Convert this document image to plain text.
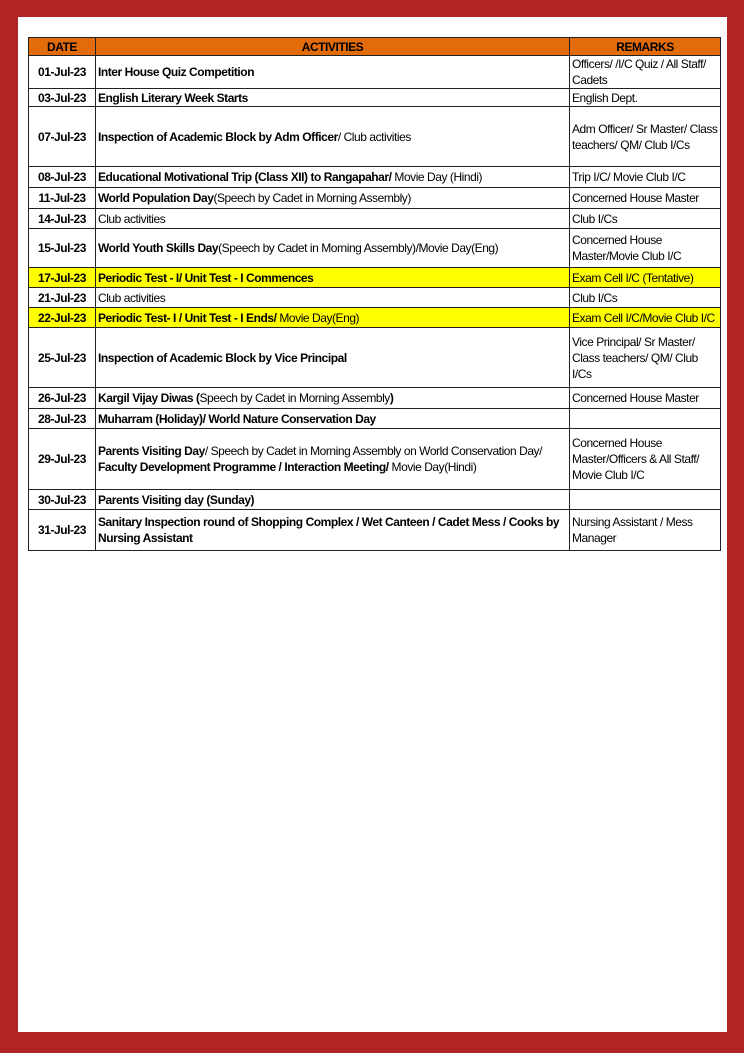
DATE	ACTIVITIES	REMARKS
01-Jul-23	Inter House Quiz Competition	Officers/ /I/C Quiz / All Staff/ Cadets
03-Jul-23	English Literary Week Starts	English Dept.
07-Jul-23	Inspection of Academic Block by Adm Officer/ Club activities	Adm Officer/ Sr Master/ Class teachers/ QM/ Club I/Cs
08-Jul-23	Educational Motivational Trip (Class XII) to Rangapahar/ Movie Day (Hindi)	Trip I/C/ Movie Club I/C
11-Jul-23	World Population Day(Speech by Cadet in Morning Assembly)	Concerned House Master
14-Jul-23	Club activities	Club I/Cs
15-Jul-23	World Youth Skills Day(Speech by Cadet in Morning Assembly)/Movie Day(Eng)	Concerned House Master/Movie Club I/C
17-Jul-23	Periodic Test - I/ Unit Test - I Commences	Exam Cell I/C (Tentative)
21-Jul-23	Club activities	Club I/Cs
22-Jul-23	Periodic Test- I / Unit Test - I Ends/ Movie Day(Eng)	Exam Cell I/C/Movie Club I/C
25-Jul-23	Inspection of Academic Block by Vice Principal	Vice Principal/ Sr Master/ Class teachers/ QM/ Club I/Cs
26-Jul-23	Kargil Vijay Diwas (Speech by Cadet in Morning Assembly)	Concerned House Master
28-Jul-23	Muharram (Holiday)/ World Nature Conservation Day	
29-Jul-23	Parents Visiting Day/ Speech by Cadet in Morning Assembly on World Conservation Day/ Faculty Development Programme / Interaction Meeting/ Movie Day(Hindi)	Concerned House Master/Officers & All Staff/ Movie Club I/C
30-Jul-23	Parents Visiting day (Sunday)	
31-Jul-23	Sanitary Inspection round of Shopping Complex / Wet Canteen / Cadet Mess / Cooks by Nursing Assistant	Nursing Assistant / Mess Manager
